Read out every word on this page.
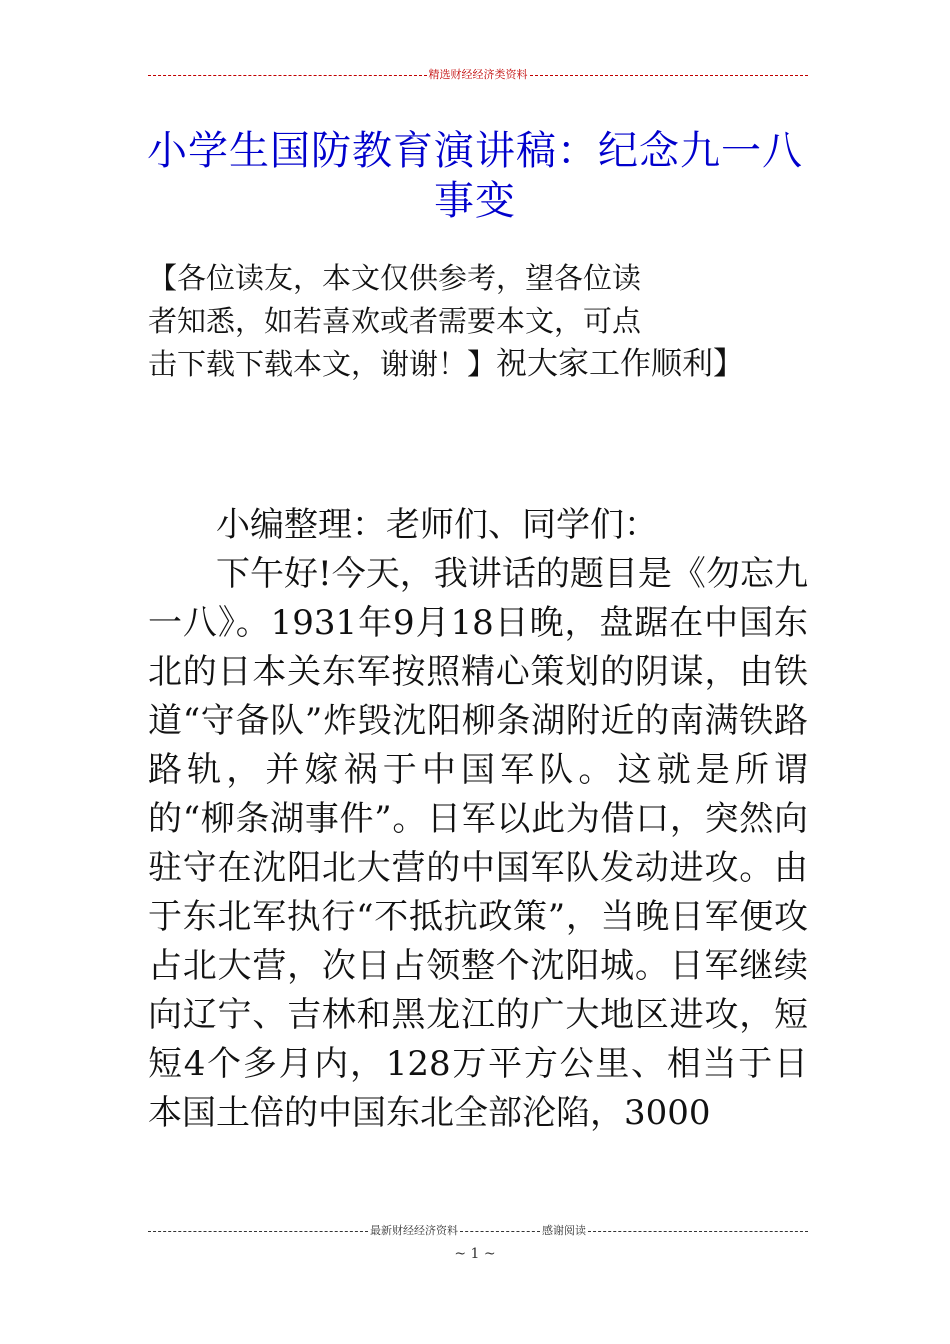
精选财经经济类资料
小学生国防教育演讲稿：纪念九一八
事变
【各位读友，本文仅供参考，望各位读
者知悉，如若喜欢或者需要本文，可点
击下载下载本文，谢谢！】祝大家工作顺利】

小编整理：老师们、同学们：

下午好!今天，我讲话的题目是《勿忘九一八》。1931年9月18日晚，盘踞在中国东北的日本关东军按照精心策划的阴谋，由铁道“守备队”炸毁沈阳柳条湖附近的南满铁路路轨，并嫁祸于中国军队。这就是所谓的“柳条湖事件”。日军以此为借口，突然向驻守在沈阳北大营的中国军队发动进攻。由于东北军执行“不抵抗政策”，当晚日军便攻占北大营，次日占领整个沈阳城。日军继续向辽宁、吉林和黑龙江的广大地区进攻，短短4个多月内，128万平方公里、相当于日本国土倍的中国东北全部沦陷，3000

最新财经经济资料	感谢阅读
~ 1 ~
